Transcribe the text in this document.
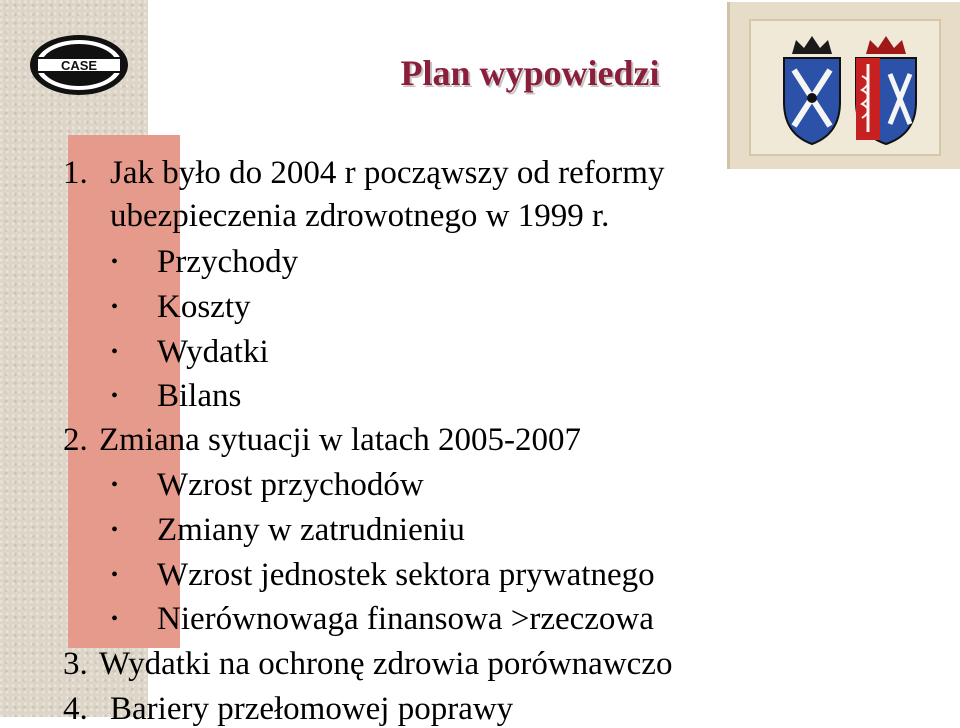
CASE	Plan wypowiedzi
1. Jak było do 2004 r począwszy od reformy
ubezpieczenia zdrowotnego w 1999 r.
• Przychody
• Koszty
• Wydatki
• Bilans
2. Zmiana sytuacji w latach 2005-2007
• Wzrost przychodów
• Zmiany w zatrudnieniu
• Wzrost jednostek sektora prywatnego
• Nierównowaga finansowa >rzeczowa
3. Wydatki na ochronę zdrowia porównawczo
4. Bariery przełomowej poprawy
